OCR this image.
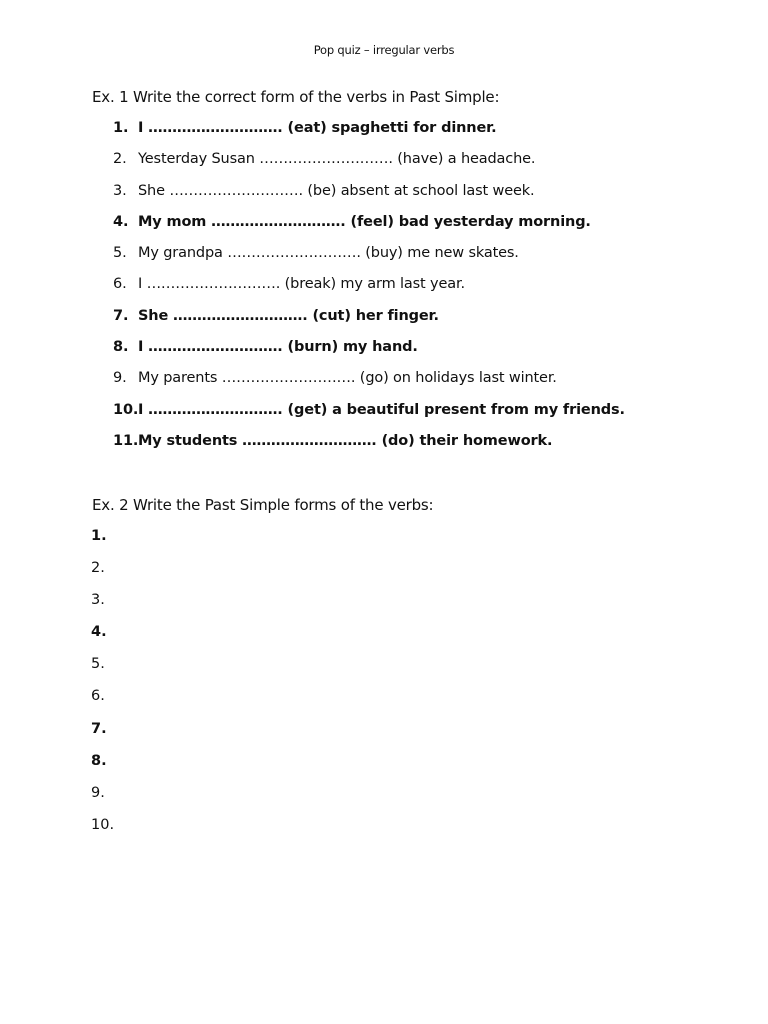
Pop quiz – irregular verbs
Ex. 1 Write the correct form of the verbs in Past Simple:
1. I ………………………. (eat) spaghetti for dinner.
2. Yesterday Susan ………………………. (have) a headache.
3. She ………………………. (be) absent at school last week.
4. My mom ………………………. (feel) bad yesterday morning.
5. My grandpa ………………………. (buy) me new skates.
6. I ………………………. (break) my arm last year.
7. She ………………………. (cut) her finger.
8. I ………………………. (burn) my hand.
9. My parents ………………………. (go) on holidays last winter.
10. I ………………………. (get) a beautiful present from my friends.
11. My students ………………………. (do) their homework.
Ex. 2 Write the Past Simple forms of the verbs:
1.
2.
3.
4.
5.
6.
7.
8.
9.
10.
